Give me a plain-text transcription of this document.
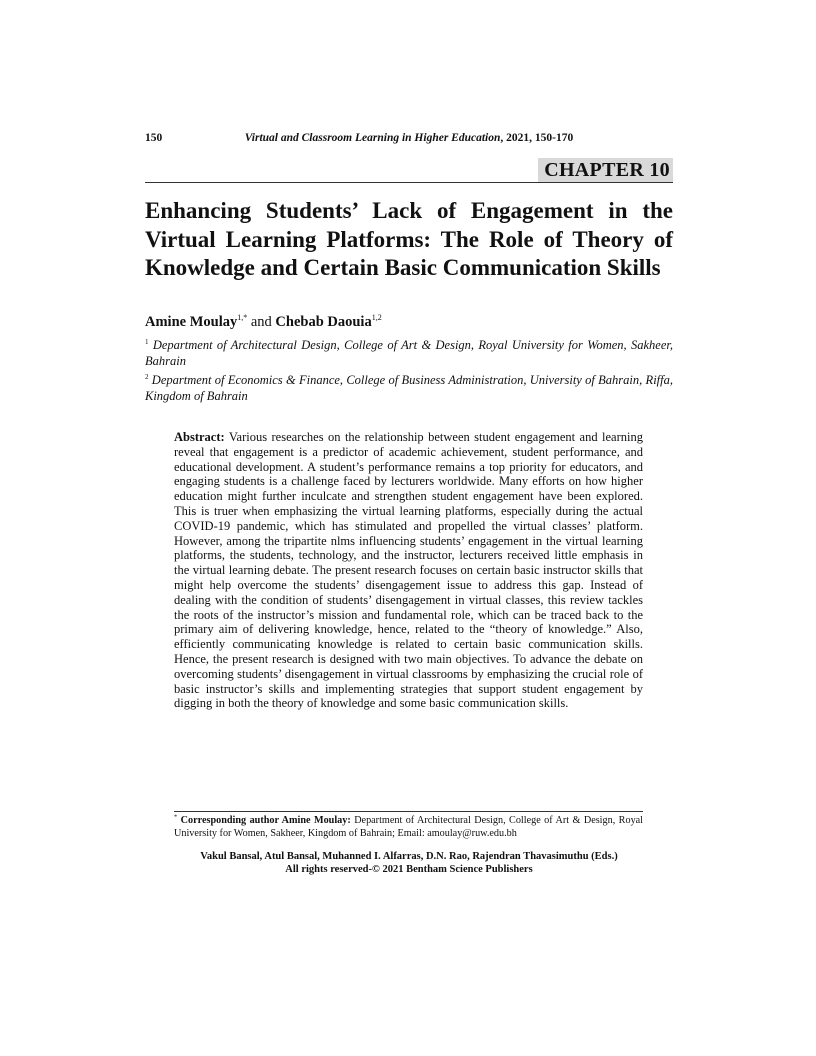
150	Virtual and Classroom Learning in Higher Education, 2021, 150-170
CHAPTER 10
Enhancing Students’ Lack of Engagement in the Virtual Learning Platforms: The Role of Theory of Knowledge and Certain Basic Communication Skills
Amine Moulay$^{1,*}$ and Chebab Daouia$^{1,2}$
$^1$ Department of Architectural Design, College of Art & Design, Royal University for Women, Sakheer, Bahrain
$^2$ Department of Economics & Finance, College of Business Administration, University of Bahrain, Riffa, Kingdom of Bahrain

Abstract: Various researches on the relationship between student engagement and learning reveal that engagement is a predictor of academic achievement, student performance, and educational development. A student’s performance remains a top priority for educators, and engaging students is a challenge faced by lecturers worldwide. Many efforts on how higher education might further inculcate and strengthen student engagement have been explored. This is truer when emphasizing the virtual learning platforms, especially during the actual COVID-19 pandemic, which has stimulated and propelled the virtual classes’ platform. However, among the tripartite nlms influencing students’ engagement in the virtual learning platforms, the students, technology, and the instructor, lecturers received little emphasis in the virtual learning debate. The present research focuses on certain basic instructor skills that might help overcome the students’ disengagement issue to address this gap. Instead of dealing with the condition of students’ disengagement in virtual classes, this review tackles the roots of the instructor’s mission and fundamental role, which can be traced back to the primary aim of delivering knowledge, hence, related to the “theory of knowledge.” Also, efficiently communicating knowledge is related to certain basic communication skills. Hence, the present research is designed with two main objectives. To advance the debate on overcoming students’ disengagement in virtual classrooms by emphasizing the crucial role of basic instructor’s skills and implementing strategies that support student engagement by digging in both the theory of knowledge and some basic communication skills.

* Corresponding author Amine Moulay: Department of Architectural Design, College of Art & Design, Royal University for Women, Sakheer, Kingdom of Bahrain; Email: amoulay@ruw.edu.bh
Vakul Bansal, Atul Bansal, Muhanned I. Alfarras, D.N. Rao, Rajendran Thavasimuthu (Eds.)
All rights reserved-© 2021 Bentham Science Publishers
